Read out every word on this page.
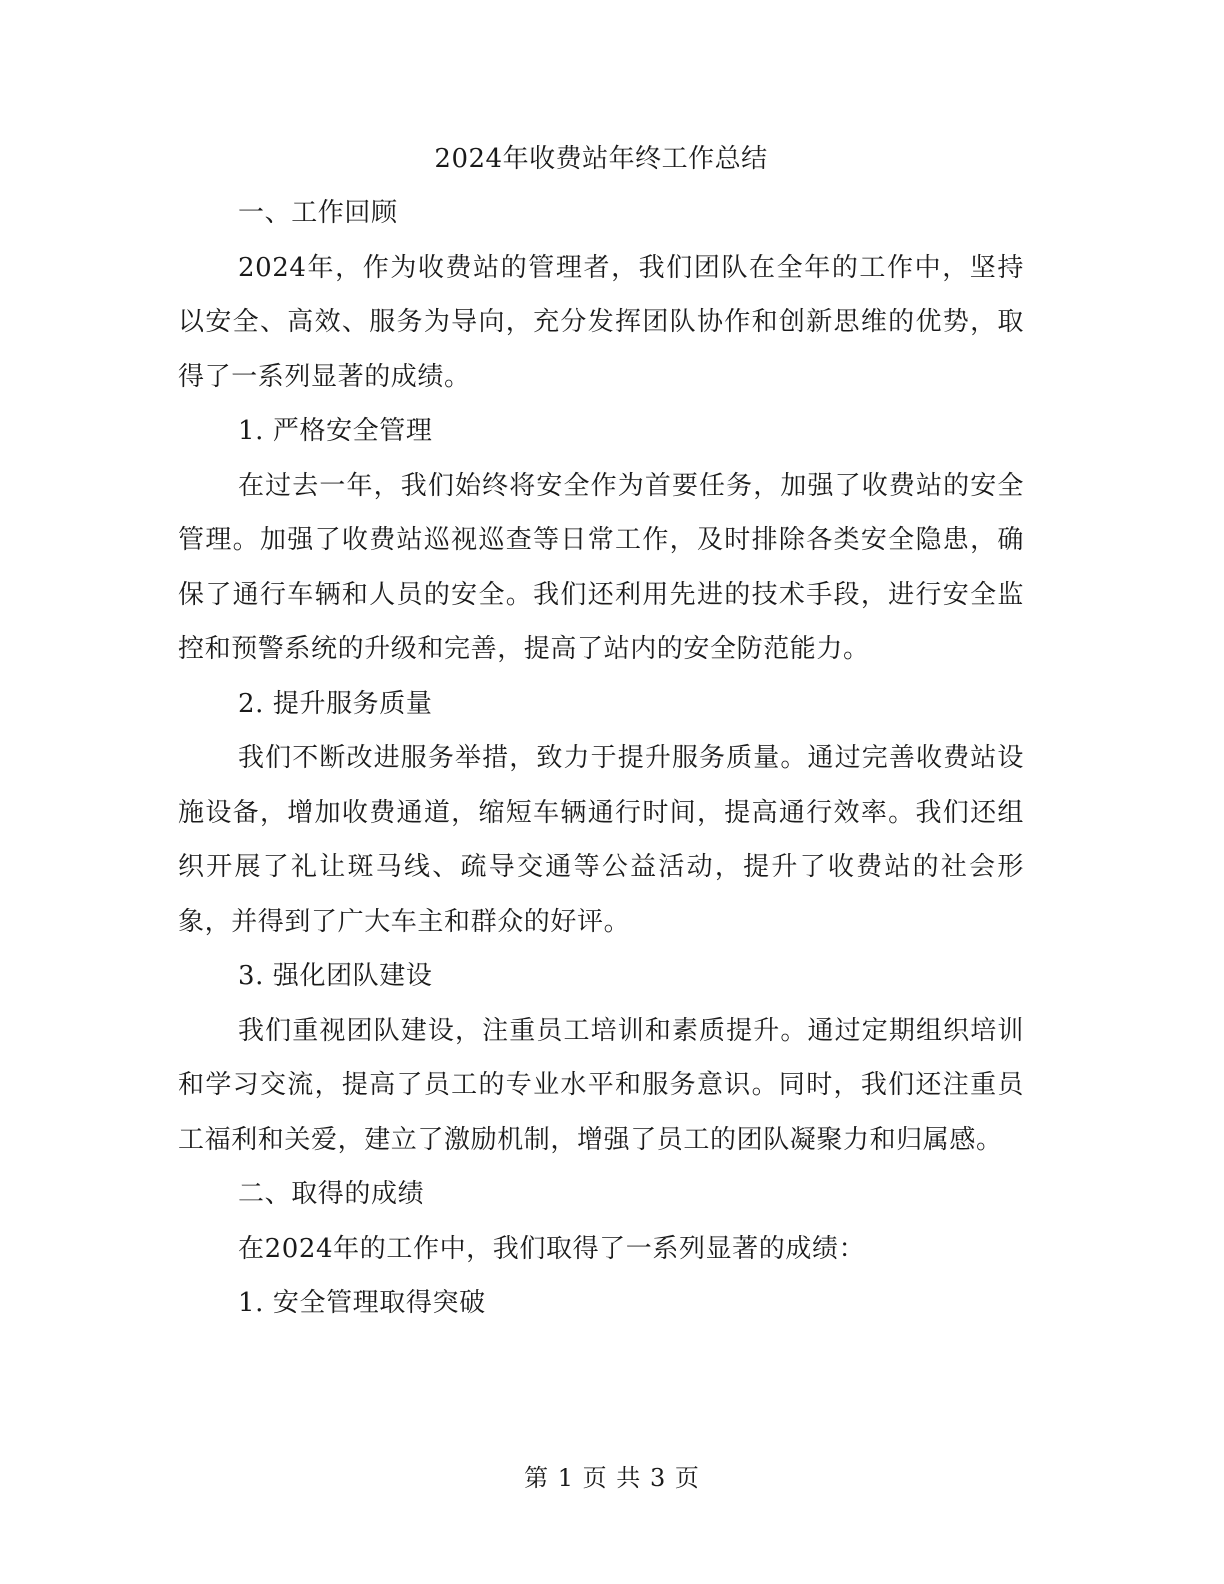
2024年收费站年终工作总结

一、工作回顾

2024年，作为收费站的管理者，我们团队在全年的工作中，坚持以安全、高效、服务为导向，充分发挥团队协作和创新思维的优势，取得了一系列显著的成绩。

1. 严格安全管理

在过去一年，我们始终将安全作为首要任务，加强了收费站的安全管理。加强了收费站巡视巡查等日常工作，及时排除各类安全隐患，确保了通行车辆和人员的安全。我们还利用先进的技术手段，进行安全监控和预警系统的升级和完善，提高了站内的安全防范能力。

2. 提升服务质量

我们不断改进服务举措，致力于提升服务质量。通过完善收费站设施设备，增加收费通道，缩短车辆通行时间，提高通行效率。我们还组织开展了礼让斑马线、疏导交通等公益活动，提升了收费站的社会形象，并得到了广大车主和群众的好评。

3. 强化团队建设

我们重视团队建设，注重员工培训和素质提升。通过定期组织培训和学习交流，提高了员工的专业水平和服务意识。同时，我们还注重员工福利和关爱，建立了激励机制，增强了员工的团队凝聚力和归属感。

二、取得的成绩

在2024年的工作中，我们取得了一系列显著的成绩：

1. 安全管理取得突破

第 1 页 共 3 页
